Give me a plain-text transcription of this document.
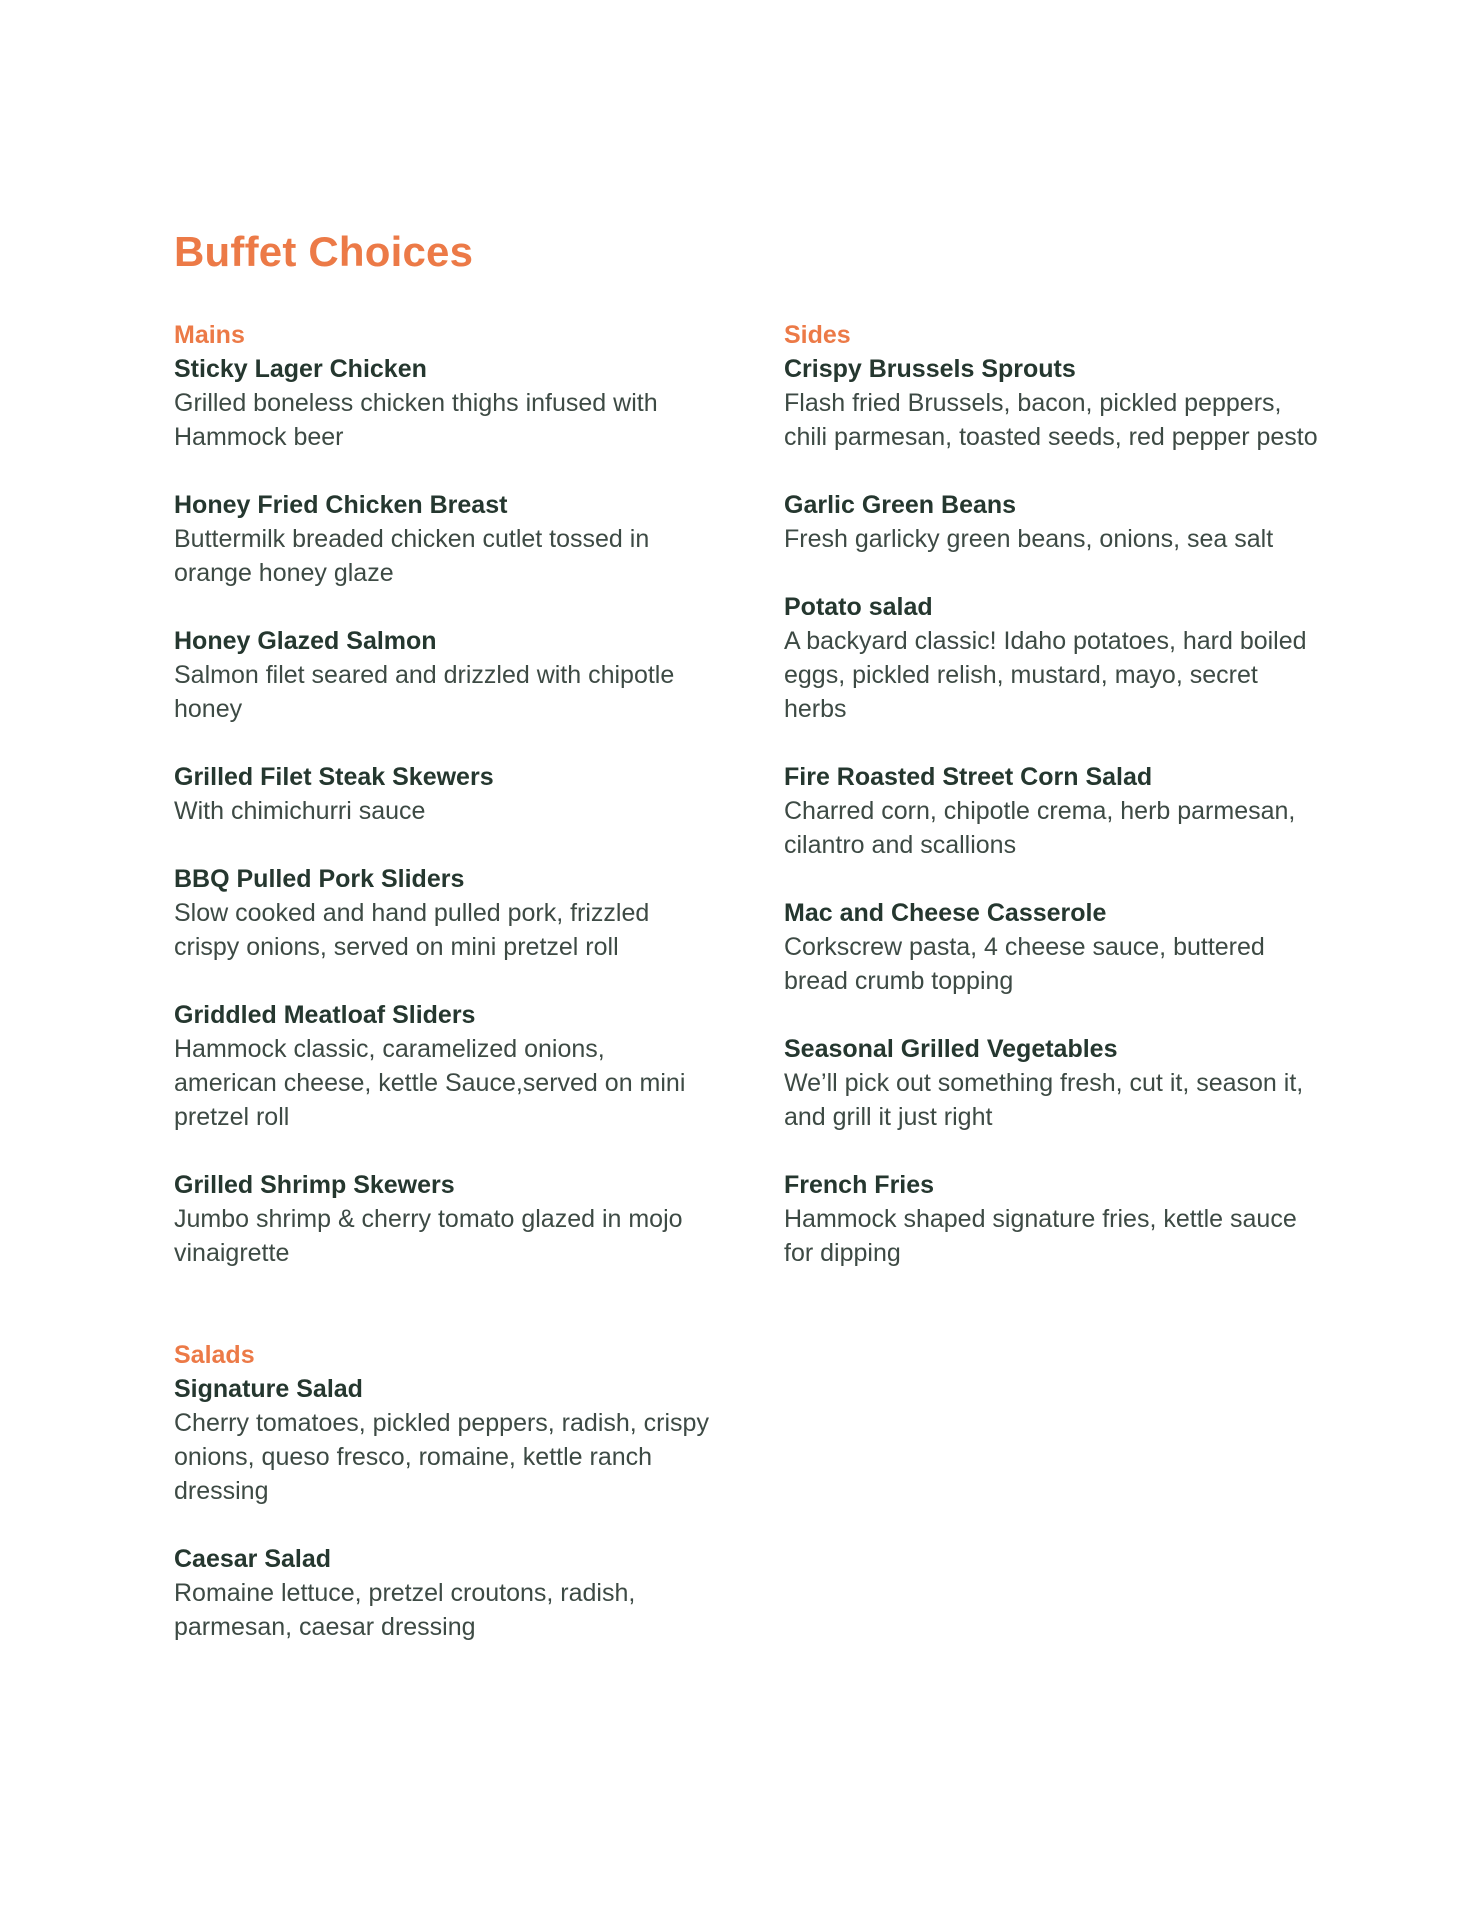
Buffet Choices
Mains
Sticky Lager Chicken
Grilled boneless chicken thighs infused with Hammock beer
Honey Fried Chicken Breast
Buttermilk breaded chicken cutlet tossed in orange honey glaze
Honey Glazed Salmon
Salmon filet seared and drizzled with chipotle honey
Grilled Filet Steak Skewers
With chimichurri sauce
BBQ Pulled Pork Sliders
Slow cooked and hand pulled pork, frizzled crispy onions, served on mini pretzel roll
Griddled Meatloaf Sliders
Hammock classic, caramelized onions, american cheese, kettle Sauce,served on mini pretzel roll
Grilled Shrimp Skewers
Jumbo shrimp & cherry tomato glazed in mojo vinaigrette
Salads
Signature Salad
Cherry tomatoes, pickled peppers, radish, crispy onions, queso fresco, romaine, kettle ranch dressing
Caesar Salad
Romaine lettuce, pretzel croutons, radish, parmesan, caesar dressing
Sides
Crispy Brussels Sprouts
Flash fried Brussels, bacon, pickled peppers, chili parmesan, toasted seeds, red pepper pesto
Garlic Green Beans
Fresh garlicky green beans, onions, sea salt
Potato salad
A backyard classic! Idaho potatoes, hard boiled eggs, pickled relish, mustard, mayo, secret herbs
Fire Roasted Street Corn Salad
Charred corn, chipotle crema, herb parmesan, cilantro and scallions
Mac and Cheese Casserole
Corkscrew pasta, 4 cheese sauce, buttered bread crumb topping
Seasonal Grilled Vegetables
We’ll pick out something fresh, cut it, season it, and grill it just right
French Fries
Hammock shaped signature fries, kettle sauce for dipping
